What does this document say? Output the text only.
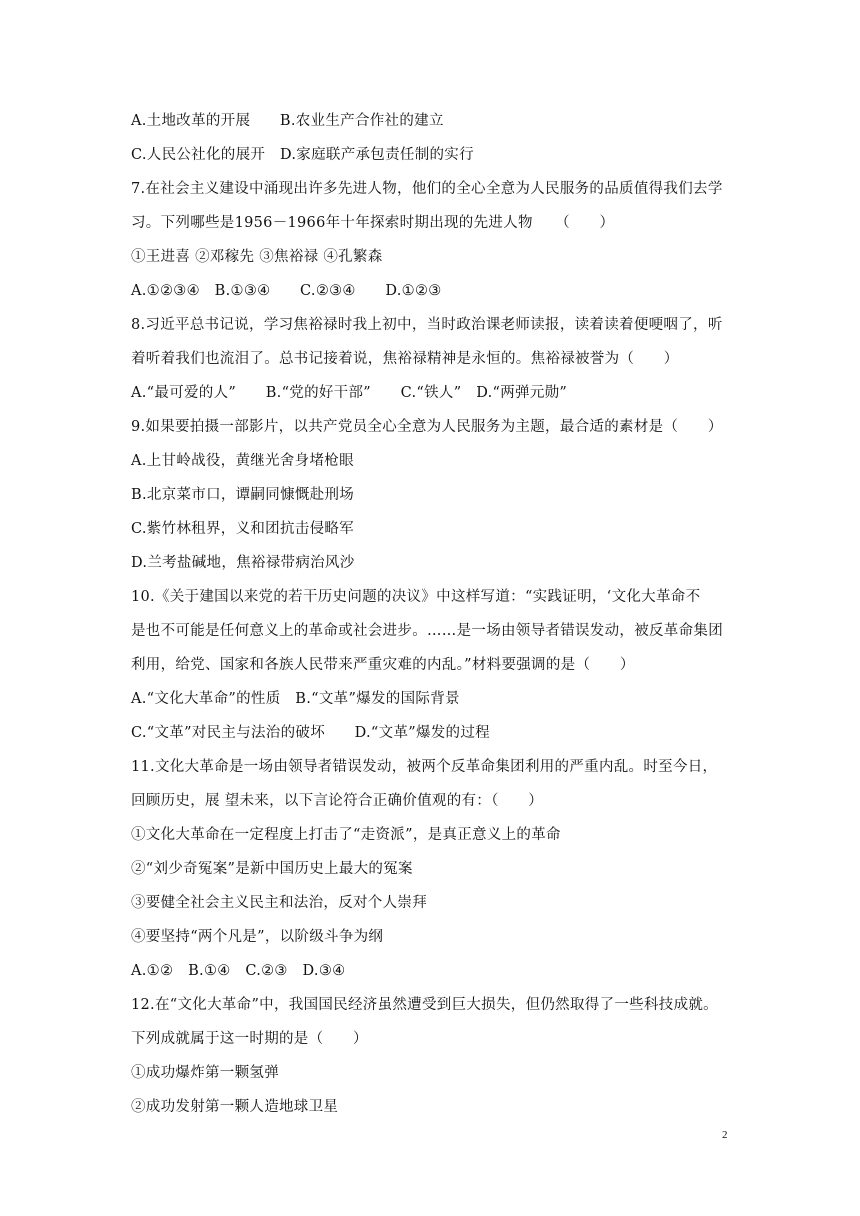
A.土地改革的开展　　B.农业生产合作社的建立
C.人民公社化的展开　D.家庭联产承包责任制的实行
7.在社会主义建设中涌现出许多先进人物，他们的全心全意为人民服务的品质值得我们去学
习。下列哪些是1956－1966年十年探索时期出现的先进人物　　（　　）
①王进喜 ②邓稼先 ③焦裕禄 ④孔繁森
A.①②③④　B.①③④　　C.②③④　　D.①②③
8.习近平总书记说，学习焦裕禄时我上初中，当时政治课老师读报，读着读着便哽咽了，听
着听着我们也流泪了。总书记接着说，焦裕禄精神是永恒的。焦裕禄被誉为（　　）
A.“最可爱的人”　　B.“党的好干部”　　C.“铁人”　D.“两弹元勋”
9.如果要拍摄一部影片，以共产党员全心全意为人民服务为主题，最合适的素材是（　　）
A.上甘岭战役，黄继光舍身堵枪眼
B.北京菜市口，谭嗣同慷慨赴刑场
C.紫竹林租界，义和团抗击侵略军
D.兰考盐碱地，焦裕禄带病治风沙
10.《关于建国以来党的若干历史问题的决议》中这样写道：“实践证明，‘文化大革命不
是也不可能是任何意义上的革命或社会进步。……是一场由领导者错误发动，被反革命集团
利用，给党、国家和各族人民带来严重灾难的内乱。”材料要强调的是（　　）
A.“文化大革命”的性质　B.“文革”爆发的国际背景
C.“文革”对民主与法治的破坏　　D.“文革”爆发的过程
11.文化大革命是一场由领导者错误发动，被两个反革命集团利用的严重内乱。时至今日，
回顾历史，展 望未来，以下言论符合正确价值观的有：（　　）
①文化大革命在一定程度上打击了“走资派”，是真正意义上的革命
②“刘少奇冤案”是新中国历史上最大的冤案
③要健全社会主义民主和法治，反对个人崇拜
④要坚持“两个凡是”，以阶级斗争为纲
A.①②　B.①④　C.②③　D.③④
12.在“文化大革命”中，我国国民经济虽然遭受到巨大损失，但仍然取得了一些科技成就。
下列成就属于这一时期的是（　　）
①成功爆炸第一颗氢弹
②成功发射第一颗人造地球卫星
2
